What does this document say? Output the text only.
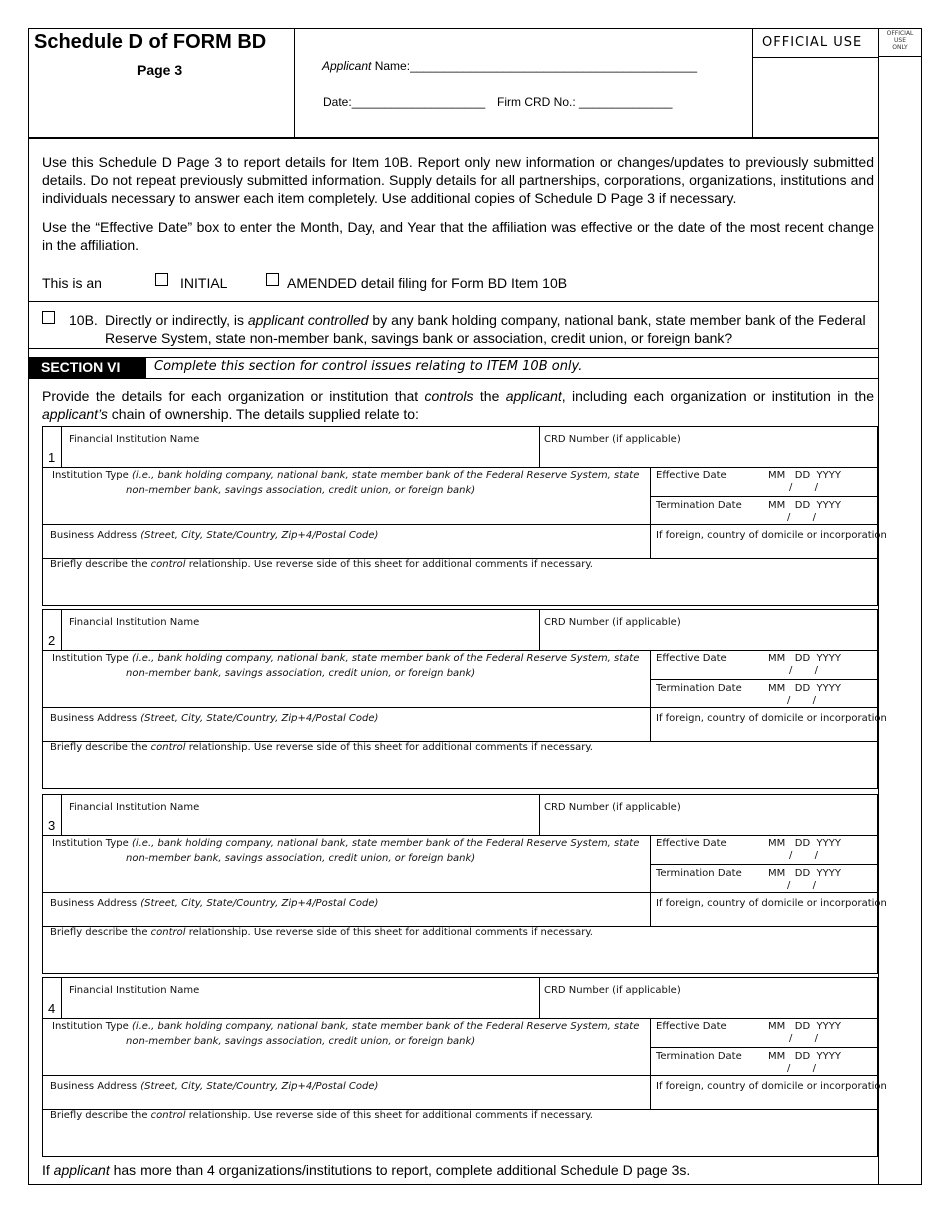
Schedule D of FORM BD
Page 3	Applicant Name:___________________________________________
Date:____________________ Firm CRD No.: ______________
OFFICIAL USE
OFFICIAL
USE
ONLY
Use this Schedule D Page 3 to report details for Item 10B. Report only new information or changes/updates to previously submitted details. Do not repeat previously submitted information. Supply details for all partnerships, corporations, organizations, institutions and individuals necessary to answer each item completely. Use additional copies of Schedule D Page 3 if necessary.
Use the “Effective Date” box to enter the Month, Day, and Year that the affiliation was effective or the date of the most recent change in the affiliation.
This is an	INITIAL	AMENDED detail filing for Form BD Item 10B
10B. Directly or indirectly, is applicant controlled by any bank holding company, national bank, state member bank of the Federal
Reserve System, state non-member bank, savings bank or association, credit union, or foreign bank?
SECTION VI	Complete this section for control issues relating to ITEM 10B only.
Provide the details for each organization or institution that controls the applicant, including each organization or institution in the
applicant’s chain of ownership. The details supplied relate to:
1
Financial Institution Name	CRD Number (if applicable)
Institution Type (i.e., bank holding company, national bank, state member bank of the Federal Reserve System, state
non-member bank, savings association, credit union, or foreign bank)
Effective Date	MM   DD  YYYY
/       /
Termination Date	MM   DD  YYYY
/       /
Business Address (Street, City, State/Country, Zip+4/Postal Code)	If foreign, country of domicile or incorporation
Briefly describe the control relationship. Use reverse side of this sheet for additional comments if necessary.
2
Financial Institution Name	CRD Number (if applicable)
Institution Type (i.e., bank holding company, national bank, state member bank of the Federal Reserve System, state
non-member bank, savings association, credit union, or foreign bank)
Effective Date	MM   DD  YYYY
/       /
Termination Date	MM   DD  YYYY
/       /
Business Address (Street, City, State/Country, Zip+4/Postal Code)	If foreign, country of domicile or incorporation
Briefly describe the control relationship. Use reverse side of this sheet for additional comments if necessary.
3
Financial Institution Name	CRD Number (if applicable)
Institution Type (i.e., bank holding company, national bank, state member bank of the Federal Reserve System, state
non-member bank, savings association, credit union, or foreign bank)
Effective Date	MM   DD  YYYY
/       /
Termination Date	MM   DD  YYYY
/       /
Business Address (Street, City, State/Country, Zip+4/Postal Code)	If foreign, country of domicile or incorporation
Briefly describe the control relationship. Use reverse side of this sheet for additional comments if necessary.
4
Financial Institution Name	CRD Number (if applicable)
Institution Type (i.e., bank holding company, national bank, state member bank of the Federal Reserve System, state
non-member bank, savings association, credit union, or foreign bank)
Effective Date	MM   DD  YYYY
/       /
Termination Date	MM   DD  YYYY
/       /
Business Address (Street, City, State/Country, Zip+4/Postal Code)	If foreign, country of domicile or incorporation
Briefly describe the control relationship. Use reverse side of this sheet for additional comments if necessary.
If applicant has more than 4 organizations/institutions to report, complete additional Schedule D page 3s.
